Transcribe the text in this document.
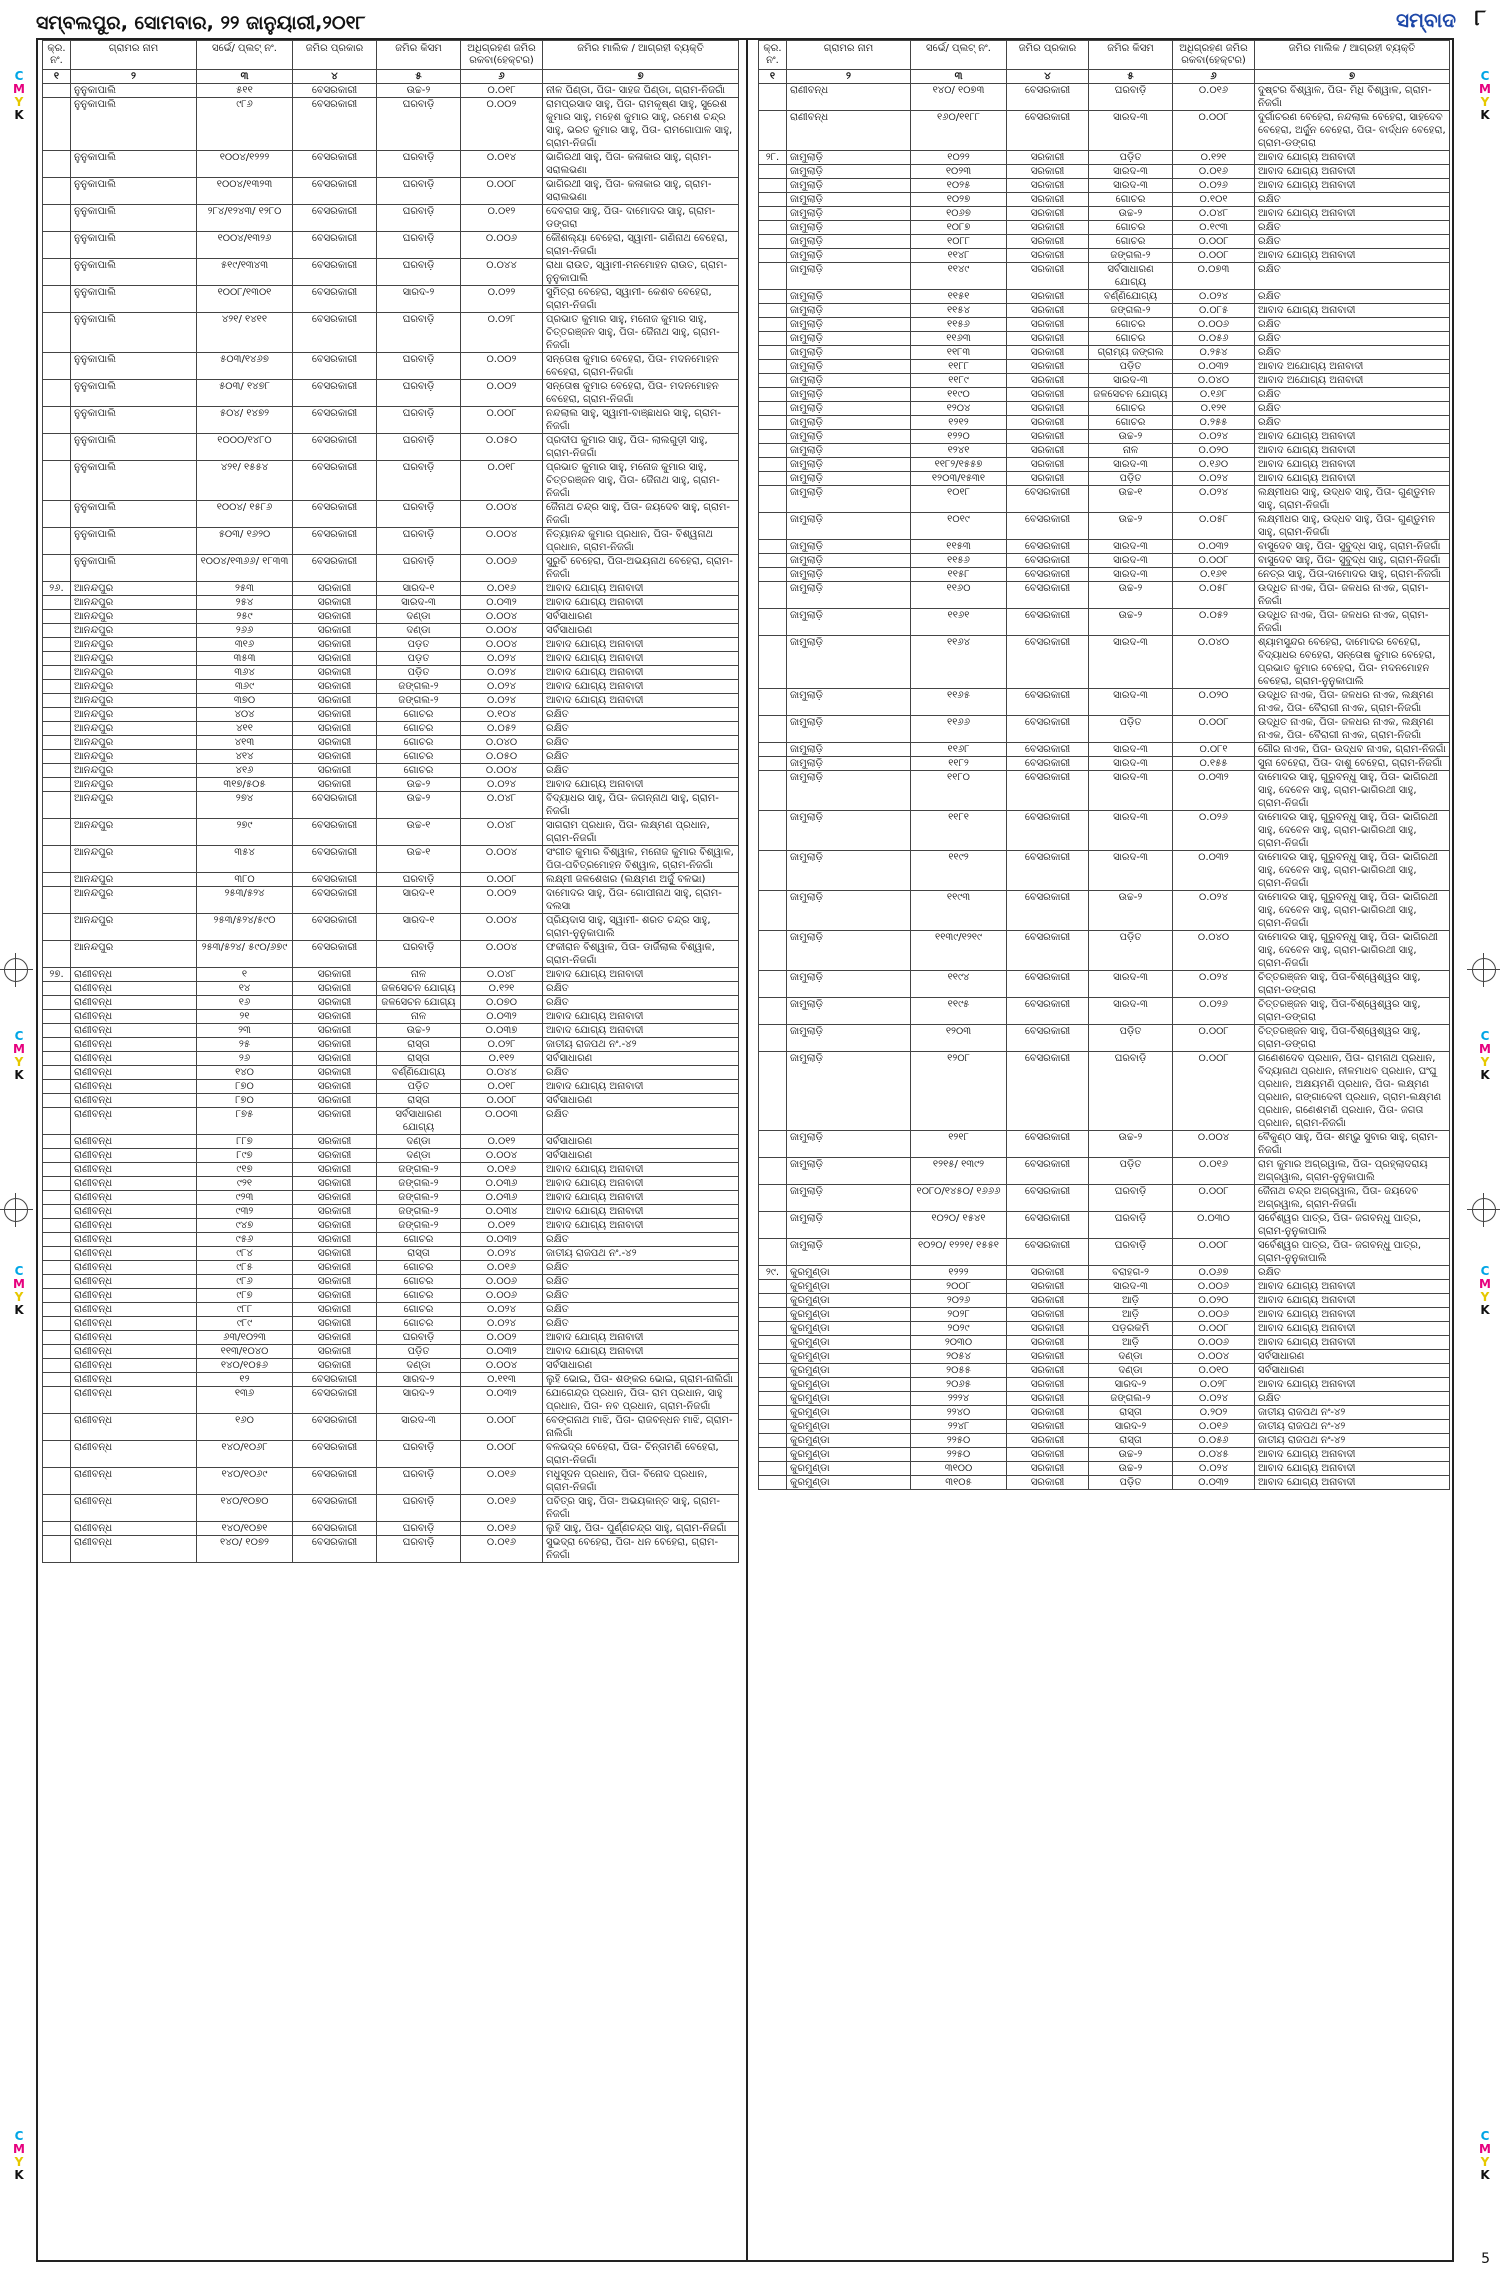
ସମ୍ବଲପୁର, ସୋମବାର, ୨୨ ଜାନୁୟାରୀ,୨୦୧୮	ସମ୍ବାଦ ୮
କ୍ର. ନଂ.	ଗ୍ରାମର ନାମ	ସର୍ଭେ/ ପ୍ଲଟ୍ ନଂ.	ଜମିର ପ୍ରକାର	ଜମିର କିସମ	ଅଧିଗ୍ରହଣ ଜମିର ରକବା(ହେକ୍ଟର)	ଜମିର ମାଲିକ / ଆଗ୍ରହୀ ବ୍ୟକ୍ତି
୧	୨	୩	୪	୫	୬	୭
	ନୁନୁକାପାଲି	୫୧୧	ବେସରକାରୀ	ଉଚ୍ଚ-୨	୦.୦୧୮	ନୀଳ ପିଣ୍ଡା, ପିତା- ସାହଜ ପିଣ୍ଡା, ଗ୍ରାମ-ନିଜଗାଁ
	ନୁନୁକାପାଲି	୯୮୬	ବେସରକାରୀ	ଘରବାଡ଼ି	୦.୦୦୨	ରାମପ୍ରସାଦ ସାହୁ, ପିତା- ରାମକୃଷ୍ଣ ସାହୁ, ସୁରେଶ କୁମାର ସାହୁ, ମହେଶ କୁମାର ସାହୁ, ରମେଶ ଚନ୍ଦ୍ର ସାହୁ, ଭରତ କୁମାର ସାହୁ, ପିତା- ରାମଗୋପାଳ ସାହୁ, ଗ୍ରାମ-ନିଜଗାଁ
	ନୁନୁକାପାଲି	୧୦୦୪/୧୨୨୨	ବେସରକାରୀ	ଘରବାଡ଼ି	୦.୦୧୪	ଭାଗିରଥୀ ସାହୁ, ପିତା- କଳାକାର ସାହୁ, ଗ୍ରାମ-ସରାଲଭଣା
	ନୁନୁକାପାଲି	୧୦୦୪/୧୩୨୩	ବେସରକାରୀ	ଘରବାଡ଼ି	୦.୦୦୮	ଭାଗିରଥୀ ସାହୁ, ପିତା- କଳାକାର ସାହୁ, ଗ୍ରାମ-ସରାଲଭଣା
	ନୁନୁକାପାଲି	୨୮୪/୧୨୪୩/ ୧୨୮୦	ବେସରକାରୀ	ଘରବାଡ଼ି	୦.୦୧୨	ଦେବରାଜ ସାହୁ, ପିତା- ଦାମୋଦର ସାହୁ, ଗ୍ରାମ-ଡଙ୍ଗରା
	ନୁନୁକାପାଲି	୧୦୦୪/୧୩୨୬	ବେସରକାରୀ	ଘରବାଡ଼ି	୦.୦୦୬	କୌଶଲ୍ୟା ବେହେରା, ସ୍ୱାମୀ- ଗଣିନାଥ ବେହେରା, ଗ୍ରାମ-ନିଜଗାଁ
	ନୁନୁକାପାଲି	୫୧୯/୧୩୪୩	ବେସରକାରୀ	ଘରବାଡ଼ି	୦.୦୪୪	ରାଧା ରାଉତ, ସ୍ୱାମୀ-ମନମୋହନ ରାଉତ, ଗ୍ରାମ-ନୁନୁକାପାଲି
	ନୁନୁକାପାଲି	୧୦୦୮/୧୩୦୧	ବେସରକାରୀ	ସାରଦ-୨	୦.୦୨୨	ସୁମିତ୍ରା ବେହେରା, ସ୍ୱାମୀ- କେଶବ ବେହେରା, ଗ୍ରାମ-ନିଜଗାଁ
	ନୁନୁକାପାଲି	୪୨୧/ ୧୪୧୧	ବେସରକାରୀ	ଘରବାଡ଼ି	୦.୦୨୮	ପ୍ରଭାତ କୁମାର ସାହୁ, ମନୋଜ କୁମାର ସାହୁ, ଚିତ୍ତରଞ୍ଜନ ସାହୁ, ପିତା- ଜୈନାଥ ସାହୁ, ଗ୍ରାମ-ନିଜଗାଁ
	ନୁନୁକାପାଲି	୫୦୩/୧୪୬୭	ବେସରକାରୀ	ଘରବାଡ଼ି	୦.୦୦୨	ସନ୍ତୋଷ କୁମାର ବେହେରା, ପିତା- ମଦନମୋହନ ବେହେରା, ଗ୍ରାମ-ନିଜଗାଁ
	ନୁନୁକାପାଲି	୫୦୩/ ୧୪୭୮	ବେସରକାରୀ	ଘରବାଡ଼ି	୦.୦୦୨	ସନ୍ତୋଷ କୁମାର ବେହେରା, ପିତା- ମଦନମୋହନ ବେହେରା, ଗ୍ରାମ-ନିଜଗାଁ
	ନୁନୁକାପାଲି	୫୦୪/ ୧୪୭୨	ବେସରକାରୀ	ଘରବାଡ଼ି	୦.୦୦୮	ନନ୍ଦଲାଲ ସାହୁ, ସ୍ୱାମୀ-ବାଞ୍ଛାଧର ସାହୁ, ଗ୍ରାମ-ନିଜଗାଁ
	ନୁନୁକାପାଲି	୧୦୦୦/୧୪୮୦	ବେସରକାରୀ	ଘରବାଡ଼ି	୦.୦୫୦	ପ୍ରଦୀପ କୁମାର ସାହୁ, ପିତା- ଲାଲଗୁଡ଼ୀ ସାହୁ, ଗ୍ରାମ-ନିଜଗାଁ
	ନୁନୁକାପାଲି	୪୨୧/ ୧୫୫୪	ବେସରକାରୀ	ଘରବାଡ଼ି	୦.୦୧୮	ପ୍ରଭାତ କୁମାର ସାହୁ, ମନୋଜ କୁମାର ସାହୁ, ଚିତ୍ତରଞ୍ଜନ ସାହୁ, ପିତା- ଜୈନାଥ ସାହୁ, ଗ୍ରାମ-ନିଜଗାଁ
	ନୁନୁକାପାଲି	୧୦୦୪/ ୧୫୮୬	ବେସରକାରୀ	ଘରବାଡ଼ି	୦.୦୦୪	ଜୈନାଥ ଚନ୍ଦ୍ର ସାହୁ, ପିତା- ଜୟଦେବ ସାହୁ, ଗ୍ରାମ-ନିଜଗାଁ
	ନୁନୁକାପାଲି	୫୦୩/ ୧୬୨୦	ବେସରକାରୀ	ଘରବାଡ଼ି	୦.୦୦୪	ନିତ୍ୟାନନ୍ଦ କୁମାର ପ୍ରଧାନ, ପିତା- ବିଶ୍ୱନାଥ ପ୍ରଧାନ, ଗ୍ରାମ-ନିଜଗାଁ
	ନୁନୁକାପାଲି	୧୦୦୪/୧୩୬୬/ ୧୮୩୩	ବେସରକାରୀ	ଘରବାଡ଼ି	୦.୦୦୬	ସୁରୁଚି ବେହେରା, ପିତା-ଅଭୟନାଥ ବେହେରା, ଗ୍ରାମ-ନିଜଗାଁ
୨୬.	ଆନନ୍ଦପୁର	୨୫୩	ସରକାରୀ	ସାରଦ-୧	୦.୦୧୬	ଆବାଦ ଯୋଗ୍ୟ ଅନାବାଦୀ
	ଆନନ୍ଦପୁର	୨୫୪	ସରକାରୀ	ସାରଦ-୩	୦.୦୩୨	ଆବାଦ ଯୋଗ୍ୟ ଅନାବାଦୀ
	ଆନନ୍ଦପୁର	୨୫୯	ସରକାରୀ	ଦଣ୍ଡା	୦.୦୦୪	ସର୍ବସାଧାରଣ
	ଆନନ୍ଦପୁର	୨୬୬	ସରକାରୀ	ଦଣ୍ଡା	୦.୦୦୪	ସର୍ବସାଧାରଣ
	ଆନନ୍ଦପୁର	୩୧୬	ସରକାରୀ	ପଡ଼ତ	୦.୦୦୪	ଆବାଦ ଯୋଗ୍ୟ ଅନାବାଦୀ
	ଆନନ୍ଦପୁର	୩୫୩	ସରକାରୀ	ପଡ଼ତ	୦.୦୨୪	ଆବାଦ ଯୋଗ୍ୟ ଅନାବାଦୀ
	ଆନନ୍ଦପୁର	୩୬୪	ସରକାରୀ	ପଡ଼ିତ	୦.୦୨୪	ଆବାଦ ଯୋଗ୍ୟ ଅନାବାଦୀ
	ଆନନ୍ଦପୁର	୩୬୯	ସରକାରୀ	ଜଙ୍ଗଲ-୨	୦.୦୨୪	ଆବାଦ ଯୋଗ୍ୟ ଅନାବାଦୀ
	ଆନନ୍ଦପୁର	୩୭୦	ସରକାରୀ	ଜଙ୍ଗଲ-୨	୦.୦୨୪	ଆବାଦ ଯୋଗ୍ୟ ଅନାବାଦୀ
	ଆନନ୍ଦପୁର	୪୦୪	ସରକାରୀ	ଗୋଚର	୦.୧୦୪	ରକ୍ଷିତ
	ଆନନ୍ଦପୁର	୪୧୧	ସରକାରୀ	ଗୋଚର	୦.୦୫୨	ରକ୍ଷିତ
	ଆନନ୍ଦପୁର	୪୧୩	ସରକାରୀ	ଗୋଚର	୦.୦୪୦	ରକ୍ଷିତ
	ଆନନ୍ଦପୁର	୪୧୪	ସରକାରୀ	ଗୋଚର	୦.୦୫୦	ରକ୍ଷିତ
	ଆନନ୍ଦପୁର	୪୧୬	ସରକାରୀ	ଗୋଚର	୦.୦୦୪	ରକ୍ଷିତ
	ଆନନ୍ଦପୁର	୩୧୭/୫୦୫	ସରକାରୀ	ଉଚ୍ଚ-୨	୦.୦୨୪	ଆବାଦ ଯୋଗ୍ୟ ଅନାବାଦୀ
	ଆନନ୍ଦପୁର	୨୭୪	ବେସରକାରୀ	ଉଚ୍ଚ-୨	୦.୦୪୮	ବିଦ୍ୟାଧର ସାହୁ, ପିତା- ଜଗନ୍ନାଥ ସାହୁ, ଗ୍ରାମ-ନିଜଗାଁ
	ଆନନ୍ଦପୁର	୨୭୯	ବେସରକାରୀ	ଉଚ୍ଚ-୧	୦.୦୪୮	ସାଗରାମ ପ୍ରଧାନ, ପିତା- ଲକ୍ଷ୍ମଣ ପ୍ରଧାନ, ଗ୍ରାମ-ନିଜଗାଁ
	ଆନନ୍ଦପୁର	୩୫୪	ବେସରକାରୀ	ଉଚ୍ଚ-୧	୦.୦୦୪	ସଂଗୀତ କୁମାର ବିଶ୍ୱାଳ, ମନୋଜ କୁମାର ବିଶ୍ୱାଳ, ପିତା-ପବିତ୍ରମୋହନ ବିଶ୍ୱାଳ, ଗ୍ରାମ-ନିଜଗାଁ
	ଆନନ୍ଦପୁର	୩୮୦	ବେସରକାରୀ	ଘରବାଡ଼ି	୦.୦୦୮	ଲକ୍ଷ୍ମୀ ଜଳଶେଖର (ଲକ୍ଷ୍ମଣ ଅର୍ଜ଼ୁ ବଳଭା)
	ଆନନ୍ଦପୁର	୨୫୩/୫୨୪	ବେସରକାରୀ	ସାରଦ-୧	୦.୦୦୨	ଦାମୋଦର ସାହୁ, ପିତା- ଗୋପୀନାଥ ସାହୁ, ଗ୍ରାମ-ଦଲସା
	ଆନନ୍ଦପୁର	୨୫୩/୫୨୪/୫୯୦	ବେସରକାରୀ	ସାରଦ-୧	୦.୦୦୪	ପ୍ରିୟଦାସ ସାହୁ, ସ୍ୱାମୀ- ଶରତ ଚନ୍ଦ୍ର ସାହୁ, ଗ୍ରାମ-ନୁନୁକାପାଲି
	ଆନନ୍ଦପୁର	୨୫୩/୫୨୪/ ୫୯୦/୬୭୯	ବେସରକାରୀ	ଘରବାଡ଼ି	୦.୦୦୪	ଫକୀରାନ ବିଶ୍ୱାଳ, ପିତା- ଡାର୍ଜିଲାଲ ବିଶ୍ୱାଳ, ଗ୍ରାମ-ନିଜଗାଁ
୨୭.	ରାଣୀବନ୍ଧ	୧	ସରକାରୀ	ନାଳ	୦.୦୪୮	ଆବାଦ ଯୋଗ୍ୟ ଅନାବାଦୀ
	ରାଣୀବନ୍ଧ	୧୪	ସରକାରୀ	ଜଳସେଚନ ଯୋଗ୍ୟ	୦.୧୨୧	ରକ୍ଷିତ
	ରାଣୀବନ୍ଧ	୧୬	ସରକାରୀ	ଜଳସେଚନ ଯୋଗ୍ୟ	୦.୦୭୦	ରକ୍ଷିତ
	ରାଣୀବନ୍ଧ	୨୧	ସରକାରୀ	ନାଳ	୦.୦୩୨	ଆବାଦ ଯୋଗ୍ୟ ଅନାବାଦୀ
	ରାଣୀବନ୍ଧ	୨୩	ସରକାରୀ	ଉଚ୍ଚ-୨	୦.୦୩୭	ଆବାଦ ଯୋଗ୍ୟ ଅନାବାଦୀ
	ରାଣୀବନ୍ଧ	୨୫	ସରକାରୀ	ରାସ୍ତା	୦.୦୨୮	ଜାତୀୟ ରାଜପଥ ନଂ.-୪୨
	ରାଣୀବନ୍ଧ	୨୬	ସରକାରୀ	ରାସ୍ତା	୦.୧୧୨	ସର୍ବସାଧାରଣ
	ରାଣୀବନ୍ଧ	୧୪୦	ସରକାରୀ	ବର୍ଣ୍ଣିଯୋଗ୍ୟ	୦.୦୪୪	ରକ୍ଷିତ
	ରାଣୀବନ୍ଧ	୮୭୦	ସରକାରୀ	ପଡ଼ିତ	୦.୦୧୮	ଆବାଦ ଯୋଗ୍ୟ ଅନାବାଦୀ
	ରାଣୀବନ୍ଧ	୮୭୦	ସରକାରୀ	ରାସ୍ତା	୦.୦୦୮	ସର୍ବସାଧାରଣ
	ରାଣୀବନ୍ଧ	୮୭୫	ସରକାରୀ	ସର୍ବସାଧାରଣ ଯୋଗ୍ୟ	୦.୦୦୩	ରକ୍ଷିତ
	ରାଣୀବନ୍ଧ	୮୮୭	ସରକାରୀ	ଦଣ୍ଡା	୦.୦୧୨	ସର୍ବସାଧାରଣ
	ରାଣୀବନ୍ଧ	୮୯୭	ସରକାରୀ	ଦଣ୍ଡା	୦.୦୦୪	ସର୍ବସାଧାରଣ
	ରାଣୀବନ୍ଧ	୯୧୭	ସରକାରୀ	ଜଙ୍ଗଲ-୨	୦.୦୧୬	ଆବାଦ ଯୋଗ୍ୟ ଅନାବାଦୀ
	ରାଣୀବନ୍ଧ	୯୨୧	ସରକାରୀ	ଜଙ୍ଗଲ-୨	୦.୦୩୬	ଆବାଦ ଯୋଗ୍ୟ ଅନାବାଦୀ
	ରାଣୀବନ୍ଧ	୯୨୩	ସରକାରୀ	ଜଙ୍ଗଲ-୨	୦.୦୩୬	ଆବାଦ ଯୋଗ୍ୟ ଅନାବାଦୀ
	ରାଣୀବନ୍ଧ	୯୩୨	ସରକାରୀ	ଜଙ୍ଗଲ-୨	୦.୦୩୪	ଆବାଦ ଯୋଗ୍ୟ ଅନାବାଦୀ
	ରାଣୀବନ୍ଧ	୯୪୭	ସରକାରୀ	ଜଙ୍ଗଲ-୨	୦.୦୧୨	ଆବାଦ ଯୋଗ୍ୟ ଅନାବାଦୀ
	ରାଣୀବନ୍ଧ	୯୫୬	ସରକାରୀ	ଗୋଚର	୦.୦୩୨	ରକ୍ଷିତ
	ରାଣୀବନ୍ଧ	୯୮୪	ସରକାରୀ	ରାସ୍ତା	୦.୦୨୪	ଜାତୀୟ ରାଜପଥ ନଂ.-୪୨
	ରାଣୀବନ୍ଧ	୯୮୫	ସରକାରୀ	ଗୋଚର	୦.୦୧୬	ରକ୍ଷିତ
	ରାଣୀବନ୍ଧ	୯୮୬	ସରକାରୀ	ଗୋଚର	୦.୦୦୬	ରକ୍ଷିତ
	ରାଣୀବନ୍ଧ	୯୮୭	ସରକାରୀ	ଗୋଚର	୦.୦୦୬	ରକ୍ଷିତ
	ରାଣୀବନ୍ଧ	୯୮୮	ସରକାରୀ	ଗୋଚର	୦.୦୨୪	ରକ୍ଷିତ
	ରାଣୀବନ୍ଧ	୯୮୯	ସରକାରୀ	ଗୋଚର	୦.୦୨୪	ରକ୍ଷିତ
	ରାଣୀବନ୍ଧ	୬୩/୧୦୨୩	ସରକାରୀ	ଘରବାଡ଼ି	୦.୦୦୨	ଆବାଦ ଯୋଗ୍ୟ ଅନାବାଦୀ
	ରାଣୀବନ୍ଧ	୧୧୩/୧୦୪୦	ସରକାରୀ	ପଡ଼ିତ	୦.୦୩୨	ଆବାଦ ଯୋଗ୍ୟ ଅନାବାଦୀ
	ରାଣୀବନ୍ଧ	୧୪୦/୧୦୫୬	ସରକାରୀ	ଦଣ୍ଡା	୦.୦୦୪	ସର୍ବସାଧାରଣ
	ରାଣୀବନ୍ଧ	୧୨	ବେସରକାରୀ	ସାରଦ-୨	୦.୧୧୩	ଲୁହି ଭୋଇ, ପିତା- ଶଙ୍କର ଭୋଇ, ଗ୍ରାମ-ନାଲିଗାଁ
	ରାଣୀବନ୍ଧ	୧୩୬	ବେସରକାରୀ	ସାରଦ-୨	୦.୦୩୨	ଯୋଗେନ୍ଦ୍ର ପ୍ରଧାନ, ପିତା- ରାମ ପ୍ରଧାନ, ସାହୁ ପ୍ରଧାନ, ପିତା- ନବ ପ୍ରଧାନ, ଗ୍ରାମ-ନିଜଗାଁ
	ରାଣୀବନ୍ଧ	୧୬୦	ବେସରକାରୀ	ସାରଦ-୩	୦.୦୦୮	ବେଙ୍ଗନାଥ ମାଝି, ପିତା- ରାଜବନ୍ଧନ ମାଝି, ଗ୍ରାମ-ନାଲିଗାଁ
	ରାଣୀବନ୍ଧ	୧୪୦/୧୦୬୮	ବେସରକାରୀ	ଘରବାଡ଼ି	୦.୦୦୮	ବଳଭଦ୍ର ବେହେରା, ପିତା- ଚିନ୍ତାମଣି ବେହେରା, ଗ୍ରାମ-ନିଜଗାଁ
	ରାଣୀବନ୍ଧ	୧୪୦/୧୦୬୯	ବେସରକାରୀ	ଘରବାଡ଼ି	୦.୦୧୬	ମଧୁସୂଦନ ପ୍ରଧାନ, ପିତା- ବିନୋଦ ପ୍ରଧାନ, ଗ୍ରାମ-ନିଜଗାଁ
	ରାଣୀବନ୍ଧ	୧୪୦/୧୦୭୦	ବେସରକାରୀ	ଘରବାଡ଼ି	୦.୦୧୬	ପବିତ୍ର ସାହୁ, ପିତା- ଅଭୟକାନ୍ତ ସାହୁ, ଗ୍ରାମ-ନିଜଗାଁ
	ରାଣୀବନ୍ଧ	୧୪୦/୧୦୭୧	ବେସରକାରୀ	ଘରବାଡ଼ି	୦.୦୧୬	ଲୁହି ସାହୁ, ପିତା- ପୁର୍ଣ୍ଣଚନ୍ଦ୍ର ସାହୁ, ଗ୍ରାମ-ନିଜଗାଁ
	ରାଣୀବନ୍ଧ	୧୪୦/ ୧୦୭୨	ବେସରକାରୀ	ଘରବାଡ଼ି	୦.୦୧୬	ସୁଭଦ୍ରା ବେହେରା, ପିତା- ଧନ ବେହେରା, ଗ୍ରାମ-ନିଜଗାଁ
କ୍ର. ନଂ.	ଗ୍ରାମର ନାମ	ସର୍ଭେ/ ପ୍ଲଟ୍ ନଂ.	ଜମିର ପ୍ରକାର	ଜମିର କିସମ	ଅଧିଗ୍ରହଣ ଜମିର ରକବା(ହେକ୍ଟର)	ଜମିର ମାଲିକ / ଆଗ୍ରହୀ ବ୍ୟକ୍ତି
୧	୨	୩	୪	୫	୬	୭
	ରାଣୀବନ୍ଧ	୧୪୦/ ୧୦୭୩	ବେସରକାରୀ	ଘରବାଡ଼ି	୦.୦୧୬	ଦୁଷ୍ଟର ବିଶ୍ୱାଳ, ପିତା- ମିଧି ବିଶ୍ୱାଳ, ଗ୍ରାମ-ନିଜଗାଁ
	ରାଣୀବନ୍ଧ	୧୬୦/୧୧୮୮	ବେସରକାରୀ	ସାରଦ-୩	୦.୦୦୮	ଦୁର୍ଗାଚରଣ ବେହେରା, ନନ୍ଦଲାଲ ବେହେରା, ସାହଦେବ ବେହେରା, ଅର୍ଜ଼ୁନ ବେହେରା, ପିତା- ବାର୍ଦ୍ଧନ ବେହେରା, ଗ୍ରାମ-ଡଙ୍ଗରା
୨୮.	ଜାମୁଲାଡ଼ି	୧୦୨୨	ସରକାରୀ	ପଡ଼ିତ	୦.୧୨୧	ଆବାଦ ଯୋଗ୍ୟ ଅନାବାଦୀ
	ଜାମୁଲାଡ଼ି	୧୦୨୩	ସରକାରୀ	ସାରଦ-୩	୦.୦୧୬	ଆବାଦ ଯୋଗ୍ୟ ଅନାବାଦୀ
	ଜାମୁଲାଡ଼ି	୧୦୨୫	ସରକାରୀ	ସାରଦ-୩	୦.୦୨୬	ଆବାଦ ଯୋଗ୍ୟ ଅନାବାଦୀ
	ଜାମୁଲାଡ଼ି	୧୦୨୭	ସରକାରୀ	ଗୋଚର	୦.୧୦୧	ରକ୍ଷିତ
	ଜାମୁଲାଡ଼ି	୧୦୬୭	ସରକାରୀ	ଉଚ୍ଚ-୨	୦.୦୪୮	ଆବାଦ ଯୋଗ୍ୟ ଅନାବାଦୀ
	ଜାମୁଲାଡ଼ି	୧୦୮୭	ସରକାରୀ	ଗୋଚର	୦.୧୯୩	ରକ୍ଷିତ
	ଜାମୁଲାଡ଼ି	୧୦୮୮	ସରକାରୀ	ଗୋଚର	୦.୦୦୮	ରକ୍ଷିତ
	ଜାମୁଲାଡ଼ି	୧୧୪୮	ସରକାରୀ	ଜଙ୍ଗଲ-୨	୦.୦୦୮	ଆବାଦ ଯୋଗ୍ୟ ଅନାବାଦୀ
	ଜାମୁଲାଡ଼ି	୧୧୪୯	ସରକାରୀ	ସର୍ବସାଧାରଣ ଯୋଗ୍ୟ	୦.୦୭୩	ରକ୍ଷିତ
	ଜାମୁଲାଡ଼ି	୧୧୫୧	ସରକାରୀ	ବର୍ଣ୍ଣିଯୋଗ୍ୟ	୦.୦୨୪	ରକ୍ଷିତ
	ଜାମୁଲାଡ଼ି	୧୧୫୪	ସରକାରୀ	ଜଙ୍ଗଲ-୨	୦.୦୮୫	ଆବାଦ ଯୋଗ୍ୟ ଅନାବାଦୀ
	ଜାମୁଲାଡ଼ି	୧୧୫୬	ସରକାରୀ	ଗୋଚର	୦.୦୦୬	ରକ୍ଷିତ
	ଜାମୁଲାଡ଼ି	୧୧୬୩	ସରକାରୀ	ଗୋଚର	୦.୦୫୬	ରକ୍ଷିତ
	ଜାମୁଲାଡ଼ି	୧୧୮୩	ସରକାରୀ	ଗ୍ରାମ୍ୟ ଜଙ୍ଗଲ	୦.୨୫୪	ରକ୍ଷିତ
	ଜାମୁଲାଡ଼ି	୧୧୮୮	ସରକାରୀ	ପଡ଼ିତ	୦.୦୩୨	ଆବାଦ ଅଯୋଗ୍ୟ ଅନାବାଦୀ
	ଜାମୁଲାଡ଼ି	୧୧୮୯	ସରକାରୀ	ସାରଦ-୩	୦.୦୪୦	ଆବାଦ ଅଯୋଗ୍ୟ ଅନାବାଦୀ
	ଜାମୁଲାଡ଼ି	୧୧୯୦	ସରକାରୀ	ଜଳସେଚନ ଯୋଗ୍ୟ	୦.୧୬୮	ରକ୍ଷିତ
	ଜାମୁଲାଡ଼ି	୧୨୦୪	ସରକାରୀ	ଗୋଚର	୦.୧୨୧	ରକ୍ଷିତ
	ଜାମୁଲାଡ଼ି	୧୨୧୨	ସରକାରୀ	ଗୋଚର	୦.୨୫୫	ରକ୍ଷିତ
	ଜାମୁଲାଡ଼ି	୧୨୨୦	ସରକାରୀ	ଉଚ୍ଚ-୨	୦.୦୨୪	ଆବାଦ ଯୋଗ୍ୟ ଅନାବାଦୀ
	ଜାମୁଲାଡ଼ି	୧୨୪୧	ସରକାରୀ	ନାଳ	୦.୦୨୦	ଆବାଦ ଯୋଗ୍ୟ ଅନାବାଦୀ
	ଜାମୁଲାଡ଼ି	୧୧୮୨/୧୫୫୭	ସରକାରୀ	ସାରଦ-୩	୦.୧୬୦	ଆବାଦ ଯୋଗ୍ୟ ଅନାବାଦୀ
	ଜାମୁଲାଡ଼ି	୧୨୦୩/୧୫୩୧	ସରକାରୀ	ପଡ଼ିତ	୦.୦୨୪	ଆବାଦ ଯୋଗ୍ୟ ଅନାବାଦୀ
	ଜାମୁଲାଡ଼ି	୧୦୧୮	ବେସରକାରୀ	ଉଚ୍ଚ-୧	୦.୦୨୪	ଲକ୍ଷ୍ମୀଧର ସାହୁ, ଉଦ୍ଧବ ସାହୁ, ପିତା- ଗୁଣ୍ଡୁମନ ସାହୁ, ଗ୍ରାମ-ନିଜଗାଁ
	ଜାମୁଲାଡ଼ି	୧୦୧୯	ବେସରକାରୀ	ଉଚ୍ଚ-୨	୦.୦୫୮	ଲକ୍ଷ୍ମୀଧର ସାହୁ, ଉଦ୍ଧବ ସାହୁ, ପିତା- ଗୁଣ୍ଡୁମନ ସାହୁ, ଗ୍ରାମ-ନିଜଗାଁ
	ଜାମୁଲାଡ଼ି	୧୧୫୩	ବେସରକାରୀ	ସାରଦ-୩	୦.୦୩୨	ବାସୁଦେବ ସାହୁ, ପିତା- ସୁବୁଦ୍ଧ ସାହୁ, ଗ୍ରାମ-ନିଜଗାଁ
	ଜାମୁଲାଡ଼ି	୧୧୫୬	ବେସରକାରୀ	ସାରଦ-୩	୦.୦୦୮	ବାସୁଦେବ ସାହୁ, ପିତା- ସୁବୁଦ୍ଧ ସାହୁ, ଗ୍ରାମ-ନିଜଗାଁ
	ଜାମୁଲାଡ଼ି	୧୧୫୮	ବେସରକାରୀ	ସାରଦ-୩	୦.୧୬୧	ନେତ୍ର ସାହୁ, ପିତା-ଦାମୋଦର ସାହୁ, ଗ୍ରାମ-ନିଜଗାଁ
	ଜାମୁଲାଡ଼ି	୧୧୬୦	ବେସରକାରୀ	ଉଚ୍ଚ-୨	୦.୦୫୮	ଉଦ୍ଧିତ ନାଏକ, ପିତା- ଜଳଧର ନାଏକ, ଗ୍ରାମ-ନିଜଗାଁ
	ଜାମୁଲାଡ଼ି	୧୧୬୧	ବେସରକାରୀ	ଉଚ୍ଚ-୨	୦.୦୫୨	ଉଦ୍ଧିତ ନାଏକ, ପିତା- ଜଳଧର ନାଏକ, ଗ୍ରାମ-ନିଜଗାଁ
	ଜାମୁଲାଡ଼ି	୧୧୬୪	ବେସରକାରୀ	ସାରଦ-୩	୦.୦୪୦	ଶ୍ୟାମସୁନ୍ଦର ବେହେରା, ଦାମୋଦର ବେହେରା, ବିଦ୍ୟାଧର ବେହେରା, ସନ୍ତୋଷ କୁମାର ବେହେରା, ପ୍ରଭାତ କୁମାର ବେହେରା, ପିତା- ମଦନମୋହନ ବେହେରା, ଗ୍ରାମ-ନୁନୁକାପାଲି
	ଜାମୁଲାଡ଼ି	୧୧୬୫	ବେସରକାରୀ	ସାରଦ-୩	୦.୦୨୦	ଉଦ୍ଧିତ ନାଏକ, ପିତା- ଜଳଧର ନାଏକ, ଲକ୍ଷ୍ମଣ ନାଏକ, ପିତା- ବୈରାଗୀ ନାଏକ, ଗ୍ରାମ-ନିଜଗାଁ
	ଜାମୁଲାଡ଼ି	୧୧୬୬	ବେସରକାରୀ	ପଡ଼ିତ	୦.୦୦୮	ଉଦ୍ଧିତ ନାଏକ, ପିତା- ଜଳଧର ନାଏକ, ଲକ୍ଷ୍ମଣ ନାଏକ, ପିତା- ବୈରାଗୀ ନାଏକ, ଗ୍ରାମ-ନିଜଗାଁ
	ଜାମୁଲାଡ଼ି	୧୧୬୮	ବେସରକାରୀ	ସାରଦ-୩	୦.୦୮୧	ଗୌର ନାଏକ, ପିତା- ଉଦ୍ଧବ ନାଏକ, ଗ୍ରାମ-ନିଜଗାଁ
	ଜାମୁଲାଡ଼ି	୧୧୮୨	ବେସରକାରୀ	ସାରଦ-୩	୦.୧୫୫	ସୁନା ବେହେରା, ପିତା- ଦାଶୁ ବେହେରା, ଗ୍ରାମ-ନିଜଗାଁ
	ଜାମୁଲାଡ଼ି	୧୧୮୦	ବେସରକାରୀ	ସାରଦ-୩	୦.୦୩୨	ଦାମୋଦର ସାହୁ, ଗୁରୁବନ୍ଧୁ ସାହୁ, ପିତା- ଭାଗିରଥୀ ସାହୁ, ଦେବେନ ସାହୁ, ଗ୍ରାମ-ଭାଗିରଥୀ ସାହୁ, ଗ୍ରାମ-ନିଜଗାଁ
	ଜାମୁଲାଡ଼ି	୧୧୮୧	ବେସରକାରୀ	ସାରଦ-୩	୦.୦୨୬	ଦାମୋଦର ସାହୁ, ଗୁରୁବନ୍ଧୁ ସାହୁ, ପିତା- ଭାଗିରଥୀ ସାହୁ, ଦେବେନ ସାହୁ, ଗ୍ରାମ-ଭାଗିରଥୀ ସାହୁ, ଗ୍ରାମ-ନିଜଗାଁ
	ଜାମୁଲାଡ଼ି	୧୧୯୨	ବେସରକାରୀ	ସାରଦ-୩	୦.୦୩୨	ଦାମୋଦର ସାହୁ, ଗୁରୁବନ୍ଧୁ ସାହୁ, ପିତା- ଭାଗିରଥୀ ସାହୁ, ଦେବେନ ସାହୁ, ଗ୍ରାମ-ଭାଗିରଥୀ ସାହୁ, ଗ୍ରାମ-ନିଜଗାଁ
	ଜାମୁଲାଡ଼ି	୧୧୯୩	ବେସରକାରୀ	ଉଚ୍ଚ-୨	୦.୦୨୪	ଦାମୋଦର ସାହୁ, ଗୁରୁବନ୍ଧୁ ସାହୁ, ପିତା- ଭାଗିରଥୀ ସାହୁ, ଦେବେନ ସାହୁ, ଗ୍ରାମ-ଭାଗିରଥୀ ସାହୁ, ଗ୍ରାମ-ନିଜଗାଁ
	ଜାମୁଲାଡ଼ି	୧୧୩୯/୧୨୧୯	ବେସରକାରୀ	ପଡ଼ିତ	୦.୦୪୦	ଦାମୋଦର ସାହୁ, ଗୁରୁବନ୍ଧୁ ସାହୁ, ପିତା- ଭାଗିରଥୀ ସାହୁ, ଦେବେନ ସାହୁ, ଗ୍ରାମ-ଭାଗିରଥୀ ସାହୁ, ଗ୍ରାମ-ନିଜଗାଁ
	ଜାମୁଲାଡ଼ି	୧୧୯୪	ବେସରକାରୀ	ସାରଦ-୩	୦.୦୨୪	ଚିତ୍ତରଞ୍ଜନ ସାହୁ, ପିତା-ବିଶ୍ୱେଶ୍ୱର ସାହୁ, ଗ୍ରାମ-ଡଙ୍ଗରା
	ଜାମୁଲାଡ଼ି	୧୧୯୫	ବେସରକାରୀ	ସାରଦ-୩	୦.୦୨୬	ଚିତ୍ତରଞ୍ଜନ ସାହୁ, ପିତା-ବିଶ୍ୱେଶ୍ୱର ସାହୁ, ଗ୍ରାମ-ଡଙ୍ଗରା
	ଜାମୁଲାଡ଼ି	୧୨୦୩	ବେସରକାରୀ	ପଡ଼ିତ	୦.୦୦୮	ଚିତ୍ତରଞ୍ଜନ ସାହୁ, ପିତା-ବିଶ୍ୱେଶ୍ୱର ସାହୁ, ଗ୍ରାମ-ଡଙ୍ଗରା
	ଜାମୁଲାଡ଼ି	୧୨୦୮	ବେସରକାରୀ	ଘରବାଡ଼ି	୦.୦୦୮	ଗଣେଶଦେବ ପ୍ରଧାନ, ପିତା- ରାମନାଥ ପ୍ରଧାନ, ବିଦ୍ୟାନାଥ ପ୍ରଧାନ, ନୀଳମାଧବ ପ୍ରଧାନ, ଘଂଘୁ ପ୍ରଧାନ, ଅକ୍ଷୟମଣି ପ୍ରଧାନ, ପିତା- ଲକ୍ଷ୍ମଣ ପ୍ରଧାନ, ଗଙ୍ଗାଦେବୀ ପ୍ରଧାନ, ଗ୍ରାମ-ଲକ୍ଷ୍ମଣ ପ୍ରଧାନ, ଗଣେଶମଣି ପ୍ରଧାନ, ପିତା- ଜଗତା ପ୍ରଧାନ, ଗ୍ରାମ-ନିଜଗାଁ
	ଜାମୁଲାଡ଼ି	୧୨୧୮	ବେସରକାରୀ	ଉଚ୍ଚ-୨	୦.୦୦୪	ବୈକୁଣ୍ଠ ସାହୁ, ପିତା- ଶମ୍ଭୁ ସୁବାର ସାହୁ, ଗ୍ରାମ-ନିଜଗାଁ
	ଜାମୁଲାଡ଼ି	୧୨୧୫/ ୧୩୯୨	ବେସରକାରୀ	ପଡ଼ିତ	୦.୦୧୬	ରାମ କୁମାର ଅଗ୍ରୱାଲ, ପିତା- ପ୍ରହ୍ଲାଦରାୟ ଅଗ୍ରୱାଲ, ଗ୍ରାମ-ନୁନୁକାପାଲି
	ଜାମୁଲାଡ଼ି	୧୦୮୦/୧୪୫୦/ ୧୬୬୬	ବେସରକାରୀ	ଘରବାଡ଼ି	୦.୦୦୮	ଜୈନାଥ ଚନ୍ଦ୍ର ଅଗ୍ରୱାଲ, ପିତା- ଜୟଦେବ ଅଗ୍ରୱାଲ, ଗ୍ରାମ-ନିଜଗାଁ
	ଜାମୁଲାଡ଼ି	୧୦୨୦/ ୧୫୪୧	ବେସରକାରୀ	ଘରବାଡ଼ି	୦.୦୩୦	ସର୍ବେଶ୍ୱର ପାତ୍ର, ପିତା- ଜଗବନ୍ଧୁ ପାତ୍ର, ଗ୍ରାମ-ନୁନୁକାପାଲି
	ଜାମୁଲାଡ଼ି	୧୦୨୦/ ୧୨୨୧/ ୧୫୫୧	ବେସରକାରୀ	ଘରବାଡ଼ି	୦.୦୦୮	ସର୍ବେଶ୍ୱର ପାତ୍ର, ପିତା- ଜଗବନ୍ଧୁ ପାତ୍ର, ଗ୍ରାମ-ନୁନୁକାପାଲି
୨୯.	କୁରମୁଣ୍ଡା	୧୨୨୨	ସରକାରୀ	ବରାହଗ-୨	୦.୦୬୭	ରକ୍ଷିତ
	କୁରମୁଣ୍ଡା	୨୦୦୮	ସରକାରୀ	ସାରଦ-୩	୦.୦୦୬	ଆବାଦ ଯୋଗ୍ୟ ଅନାବାଦୀ
	କୁରମୁଣ୍ଡା	୨୦୨୬	ସରକାରୀ	ଆଡ଼ି	୦.୦୨୦	ଆବାଦ ଯୋଗ୍ୟ ଅନାବାଦୀ
	କୁରମୁଣ୍ଡା	୨୦୨୮	ସରକାରୀ	ଆଡ଼ି	୦.୦୦୬	ଆବାଦ ଯୋଗ୍ୟ ଅନାବାଦୀ
	କୁରମୁଣ୍ଡା	୨୦୨୯	ସରକାରୀ	ପଡ଼ରକମି	୦.୦୦୮	ଆବାଦ ଯୋଗ୍ୟ ଅନାବାଦୀ
	କୁରମୁଣ୍ଡା	୨୦୩୦	ସରକାରୀ	ଆଡ଼ି	୦.୦୦୬	ଆବାଦ ଯୋଗ୍ୟ ଅନାବାଦୀ
	କୁରମୁଣ୍ଡା	୨୦୫୪	ସରକାରୀ	ଦଣ୍ଡା	୦.୦୦୪	ସର୍ବସାଧାରଣ
	କୁରମୁଣ୍ଡା	୨୦୫୫	ସରକାରୀ	ଦଣ୍ଡା	୦.୦୧୦	ସର୍ବସାଧାରଣ
	କୁରମୁଣ୍ଡା	୨୦୬୫	ସରକାରୀ	ସାରଦ-୨	୦.୦୨୮	ଆବାଦ ଯୋଗ୍ୟ ଅନାବାଦୀ
	କୁରମୁଣ୍ଡା	୨୨୨୪	ସରକାରୀ	ଜଙ୍ଗଲ-୨	୦.୦୨୪	ରକ୍ଷିତ
	କୁରମୁଣ୍ଡା	୨୨୪୦	ସରକାରୀ	ରାସ୍ତା	୦.୨୦୨	ଜାତୀୟ ରାଜପଥ ନଂ-୪୨
	କୁରମୁଣ୍ଡା	୨୨୪୮	ସରକାରୀ	ସାରଦ-୨	୦.୦୧୬	ଜାତୀୟ ରାଜପଥ ନଂ-୪୨
	କୁରମୁଣ୍ଡା	୨୨୫୦	ସରକାରୀ	ରାସ୍ତା	୦.୦୫୬	ଜାତୀୟ ରାଜପଥ ନଂ-୪୨
	କୁରମୁଣ୍ଡା	୨୨୫୦	ସରକାରୀ	ଉଚ୍ଚ-୨	୦.୦୪୫	ଆବାଦ ଯୋଗ୍ୟ ଅନାବାଦୀ
	କୁରମୁଣ୍ଡା	୩୧୦୦	ସରକାରୀ	ଉଚ୍ଚ-୨	୦.୦୨୪	ଆବାଦ ଯୋଗ୍ୟ ଅନାବାଦୀ
	କୁରମୁଣ୍ଡା	୩୧୦୫	ସରକାରୀ	ପଡ଼ିତ	୦.୦୩୨	ଆବାଦ ଯୋଗ୍ୟ ଅନାବାଦୀ
C
M
Y
K
C
M
Y
K
C
M
Y
K
C
M
Y
K
C
M
Y
K
C
M
Y
K
C
M
Y
K
C
M
Y
K
5
